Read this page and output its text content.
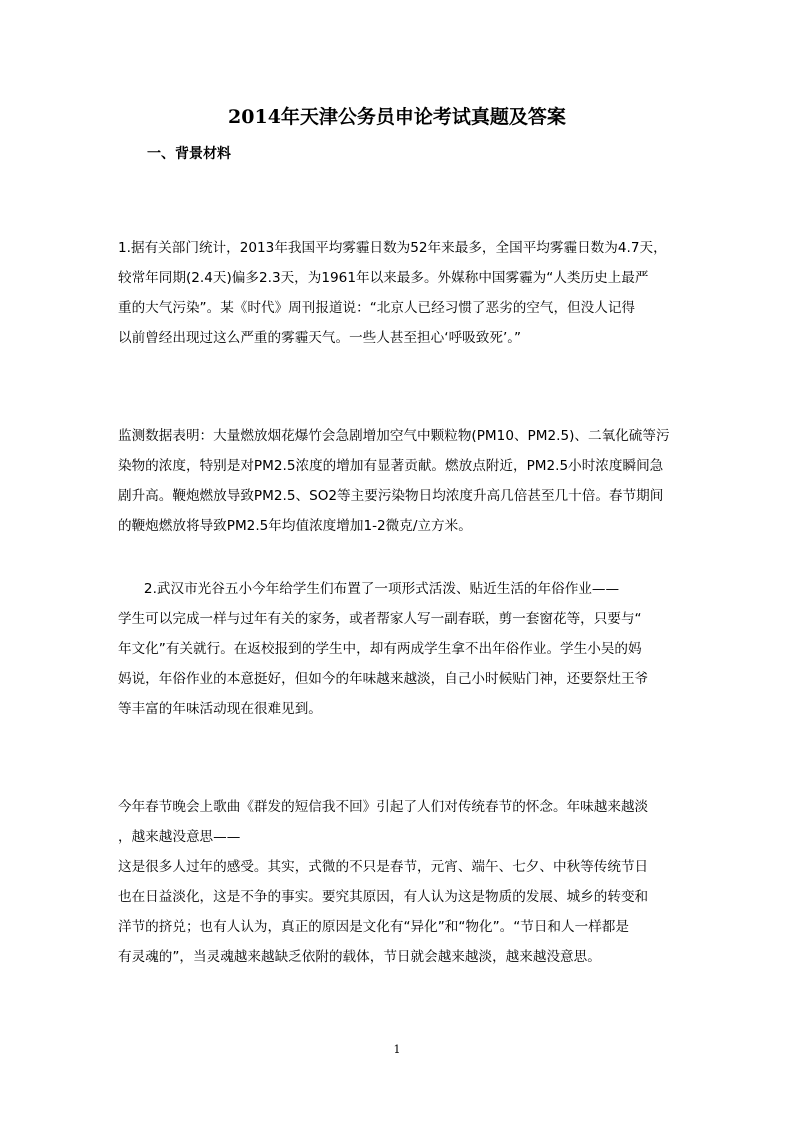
2014年天津公务员申论考试真题及答案
一、背景材料
1.据有关部门统计，2013年我国平均雾霾日数为52年来最多，全国平均雾霾日数为4.7天，
较常年同期(2.4天)偏多2.3天，为1961年以来最多。外媒称中国雾霾为“人类历史上最严
重的大气污染”。某《时代》周刊报道说：“北京人已经习惯了恶劣的空气，但没人记得
以前曾经出现过这么严重的雾霾天气。一些人甚至担心‘呼吸致死’。”
监测数据表明：大量燃放烟花爆竹会急剧增加空气中颗粒物(PM10、PM2.5)、二氧化硫等污
染物的浓度，特别是对PM2.5浓度的增加有显著贡献。燃放点附近，PM2.5小时浓度瞬间急
剧升高。鞭炮燃放导致PM2.5、SO2等主要污染物日均浓度升高几倍甚至几十倍。春节期间
的鞭炮燃放将导致PM2.5年均值浓度增加1-2微克/立方米。
2.武汉市光谷五小今年给学生们布置了一项形式活泼、贴近生活的年俗作业——
学生可以完成一样与过年有关的家务，或者帮家人写一副春联，剪一套窗花等，只要与“
年文化”有关就行。在返校报到的学生中，却有两成学生拿不出年俗作业。学生小吴的妈
妈说，年俗作业的本意挺好，但如今的年味越来越淡，自己小时候贴门神，还要祭灶王爷
等丰富的年味活动现在很难见到。
今年春节晚会上歌曲《群发的短信我不回》引起了人们对传统春节的怀念。年味越来越淡
，越来越没意思——
这是很多人过年的感受。其实，式微的不只是春节，元宵、端午、七夕、中秋等传统节日
也在日益淡化，这是不争的事实。要究其原因，有人认为这是物质的发展、城乡的转变和
洋节的挤兑；也有人认为，真正的原因是文化有“异化”和“物化”。“节日和人一样都是
有灵魂的”，当灵魂越来越缺乏依附的载体，节日就会越来越淡，越来越没意思。
1
